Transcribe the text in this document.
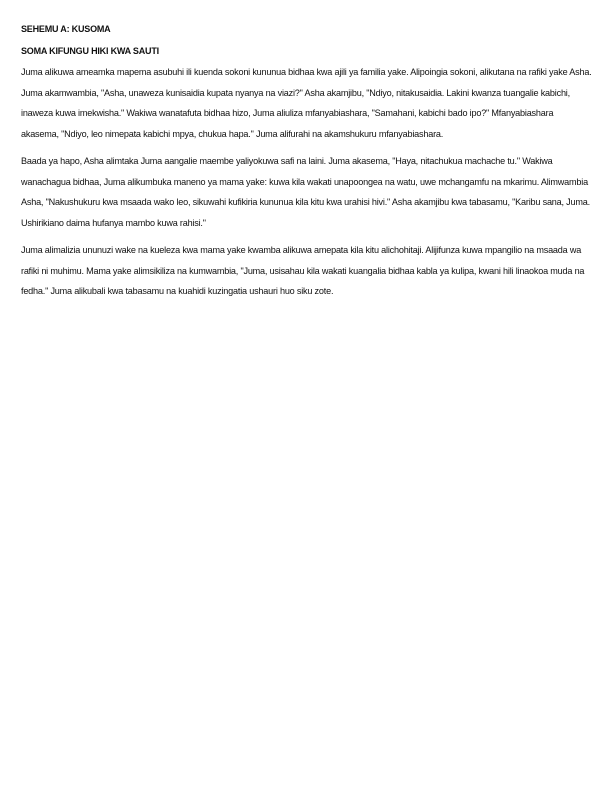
SEHEMU A: KUSOMA
SOMA KIFUNGU HIKI KWA SAUTI

Juma alikuwa ameamka mapema asubuhi ili kuenda sokoni kununua bidhaa kwa ajili ya familia yake. Alipoingia sokoni, alikutana na rafiki yake Asha. Juma akamwambia, "Asha, unaweza kunisaidia kupata nyanya na viazi?" Asha akamjibu, "Ndiyo, nitakusaidia. Lakini kwanza tuangalie kabichi, inaweza kuwa imekwisha." Wakiwa wanatafuta bidhaa hizo, Juma aliuliza mfanyabiashara, "Samahani, kabichi bado ipo?" Mfanyabiashara akasema, "Ndiyo, leo nimepata kabichi mpya, chukua hapa." Juma alifurahi na akamshukuru mfanyabiashara.

Baada ya hapo, Asha alimtaka Juma aangalie maembe yaliyokuwa safi na laini. Juma akasema, "Haya, nitachukua machache tu." Wakiwa wanachagua bidhaa, Juma alikumbuka maneno ya mama yake: kuwa kila wakati unapoongea na watu, uwe mchangamfu na mkarimu. Alimwambia Asha, "Nakushukuru kwa msaada wako leo, sikuwahi kufikiria kununua kila kitu kwa urahisi hivi." Asha akamjibu kwa tabasamu, "Karibu sana, Juma. Ushirikiano daima hufanya mambo kuwa rahisi."

Juma alimalizia ununuzi wake na kueleza kwa mama yake kwamba alikuwa amepata kila kitu alichohitaji. Alijifunza kuwa mpangilio na msaada wa rafiki ni muhimu. Mama yake alimsikiliza na kumwambia, "Juma, usisahau kila wakati kuangalia bidhaa kabla ya kulipa, kwani hili linaokoa muda na fedha." Juma alikubali kwa tabasamu na kuahidi kuzingatia ushauri huo siku zote.
